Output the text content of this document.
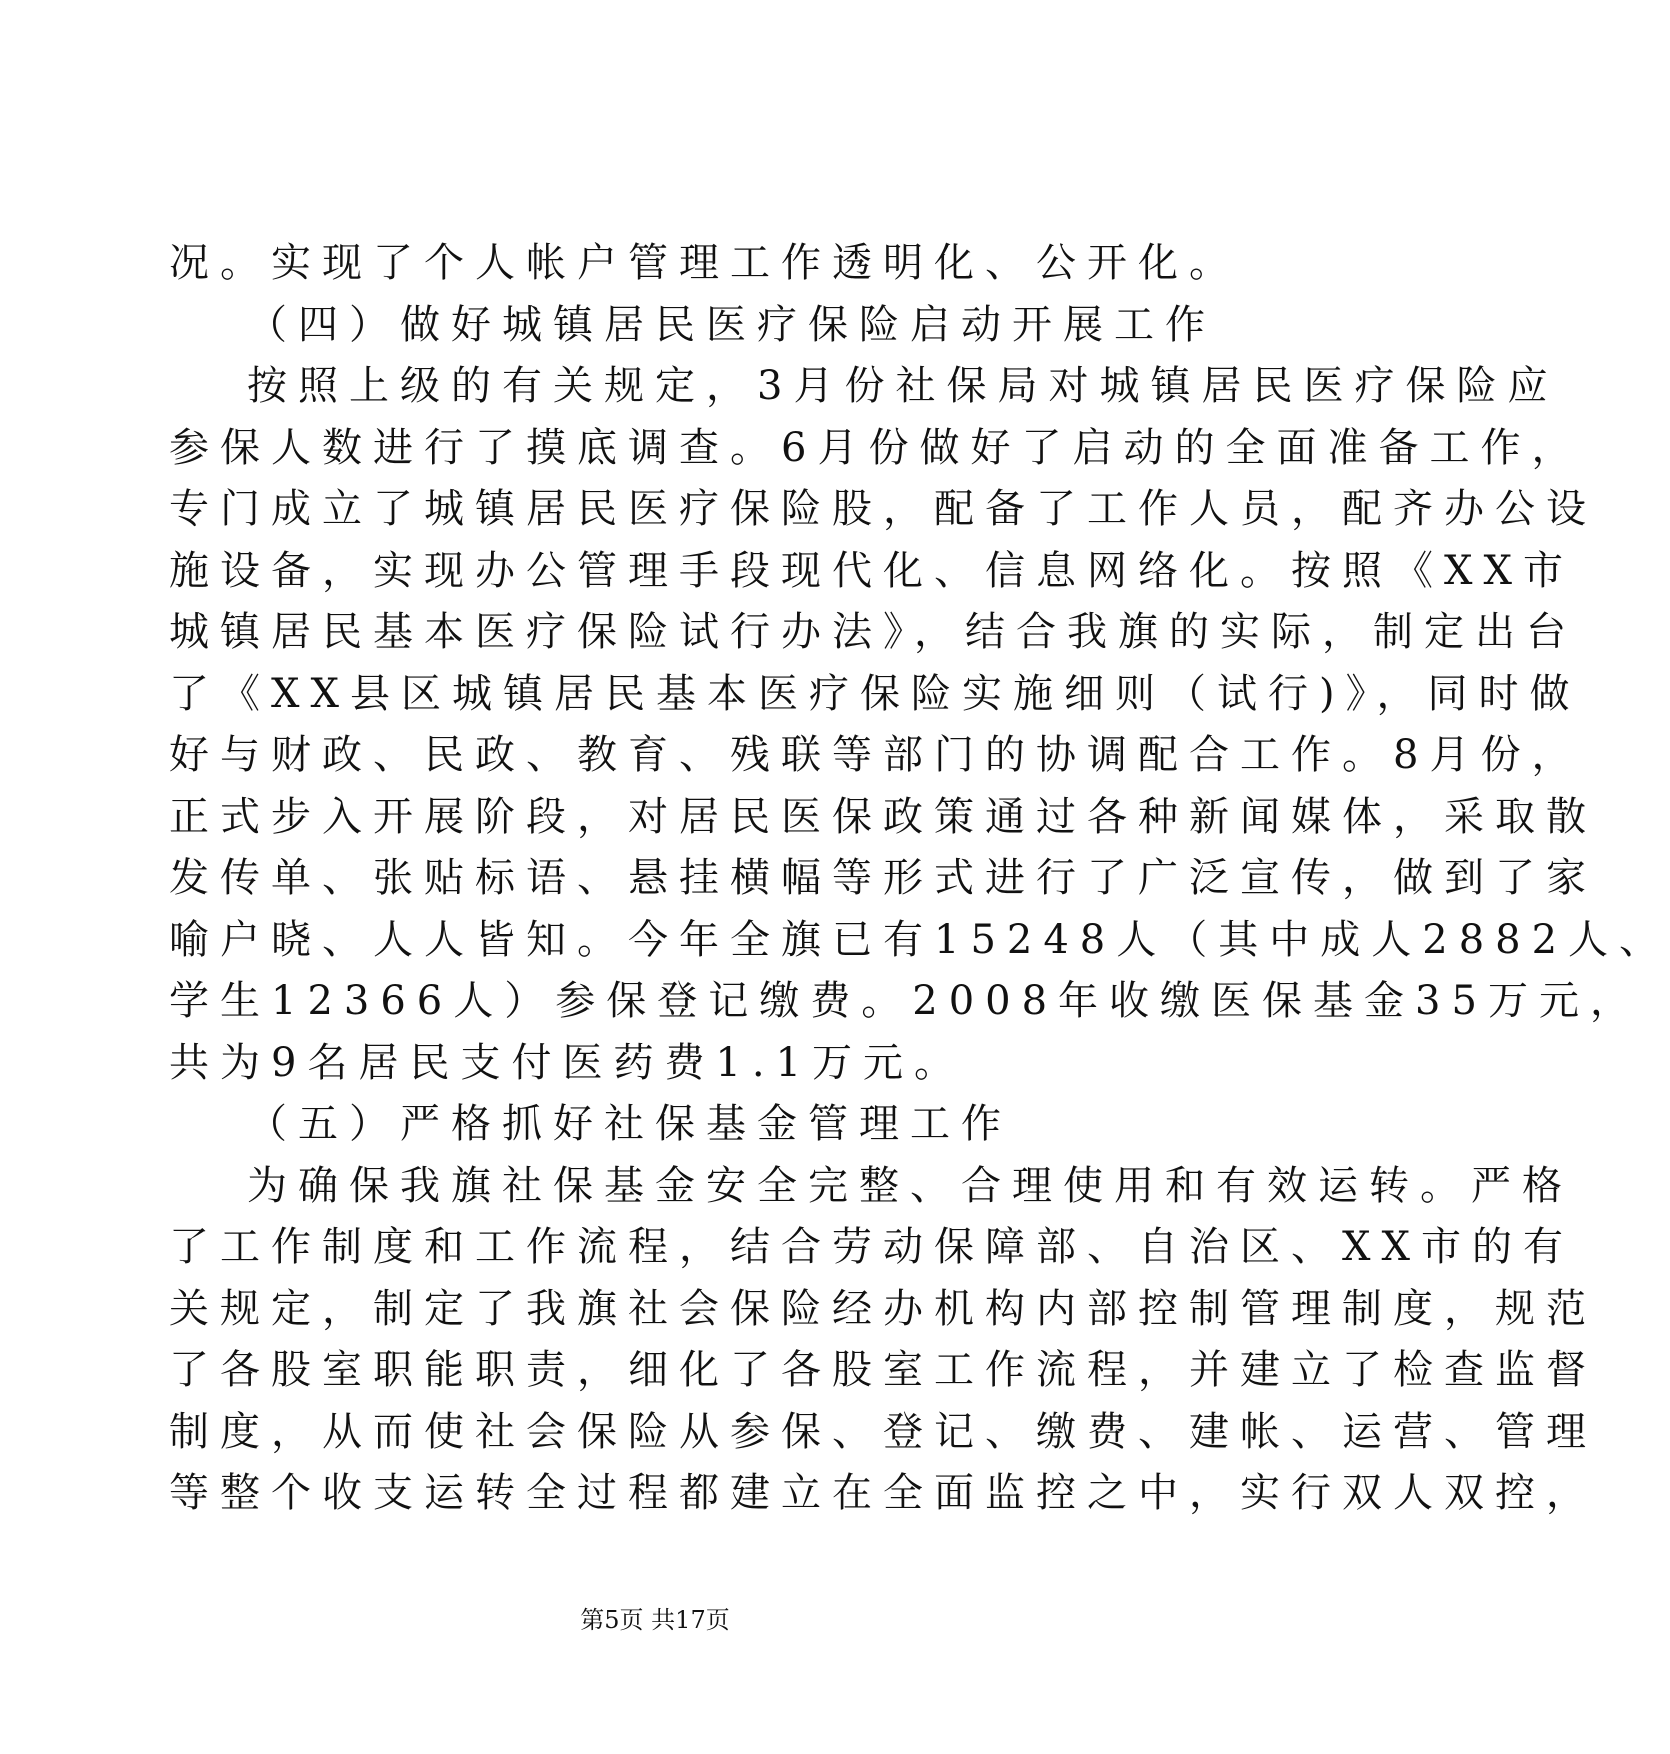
况。实现了个人帐户管理工作透明化、公开化。
（四）做好城镇居民医疗保险启动开展工作
按照上级的有关规定，3月份社保局对城镇居民医疗保险应
参保人数进行了摸底调查。6月份做好了启动的全面准备工作，
专门成立了城镇居民医疗保险股，配备了工作人员，配齐办公设
施设备，实现办公管理手段现代化、信息网络化。按照《XX市
城镇居民基本医疗保险试行办法》，结合我旗的实际，制定出台
了《XX县区城镇居民基本医疗保险实施细则（试行)》，同时做
好与财政、民政、教育、残联等部门的协调配合工作。8月份，
正式步入开展阶段，对居民医保政策通过各种新闻媒体，采取散
发传单、张贴标语、悬挂横幅等形式进行了广泛宣传，做到了家
喻户晓、人人皆知。今年全旗已有15248人（其中成人2882人、
学生12366人）参保登记缴费。2008年收缴医保基金35万元，
共为9名居民支付医药费1.1万元。
（五）严格抓好社保基金管理工作
为确保我旗社保基金安全完整、合理使用和有效运转。严格
了工作制度和工作流程，结合劳动保障部、自治区、XX市的有
关规定，制定了我旗社会保险经办机构内部控制管理制度，规范
了各股室职能职责，细化了各股室工作流程，并建立了检查监督
制度，从而使社会保险从参保、登记、缴费、建帐、运营、管理
等整个收支运转全过程都建立在全面监控之中，实行双人双控，
第5页 共17页
